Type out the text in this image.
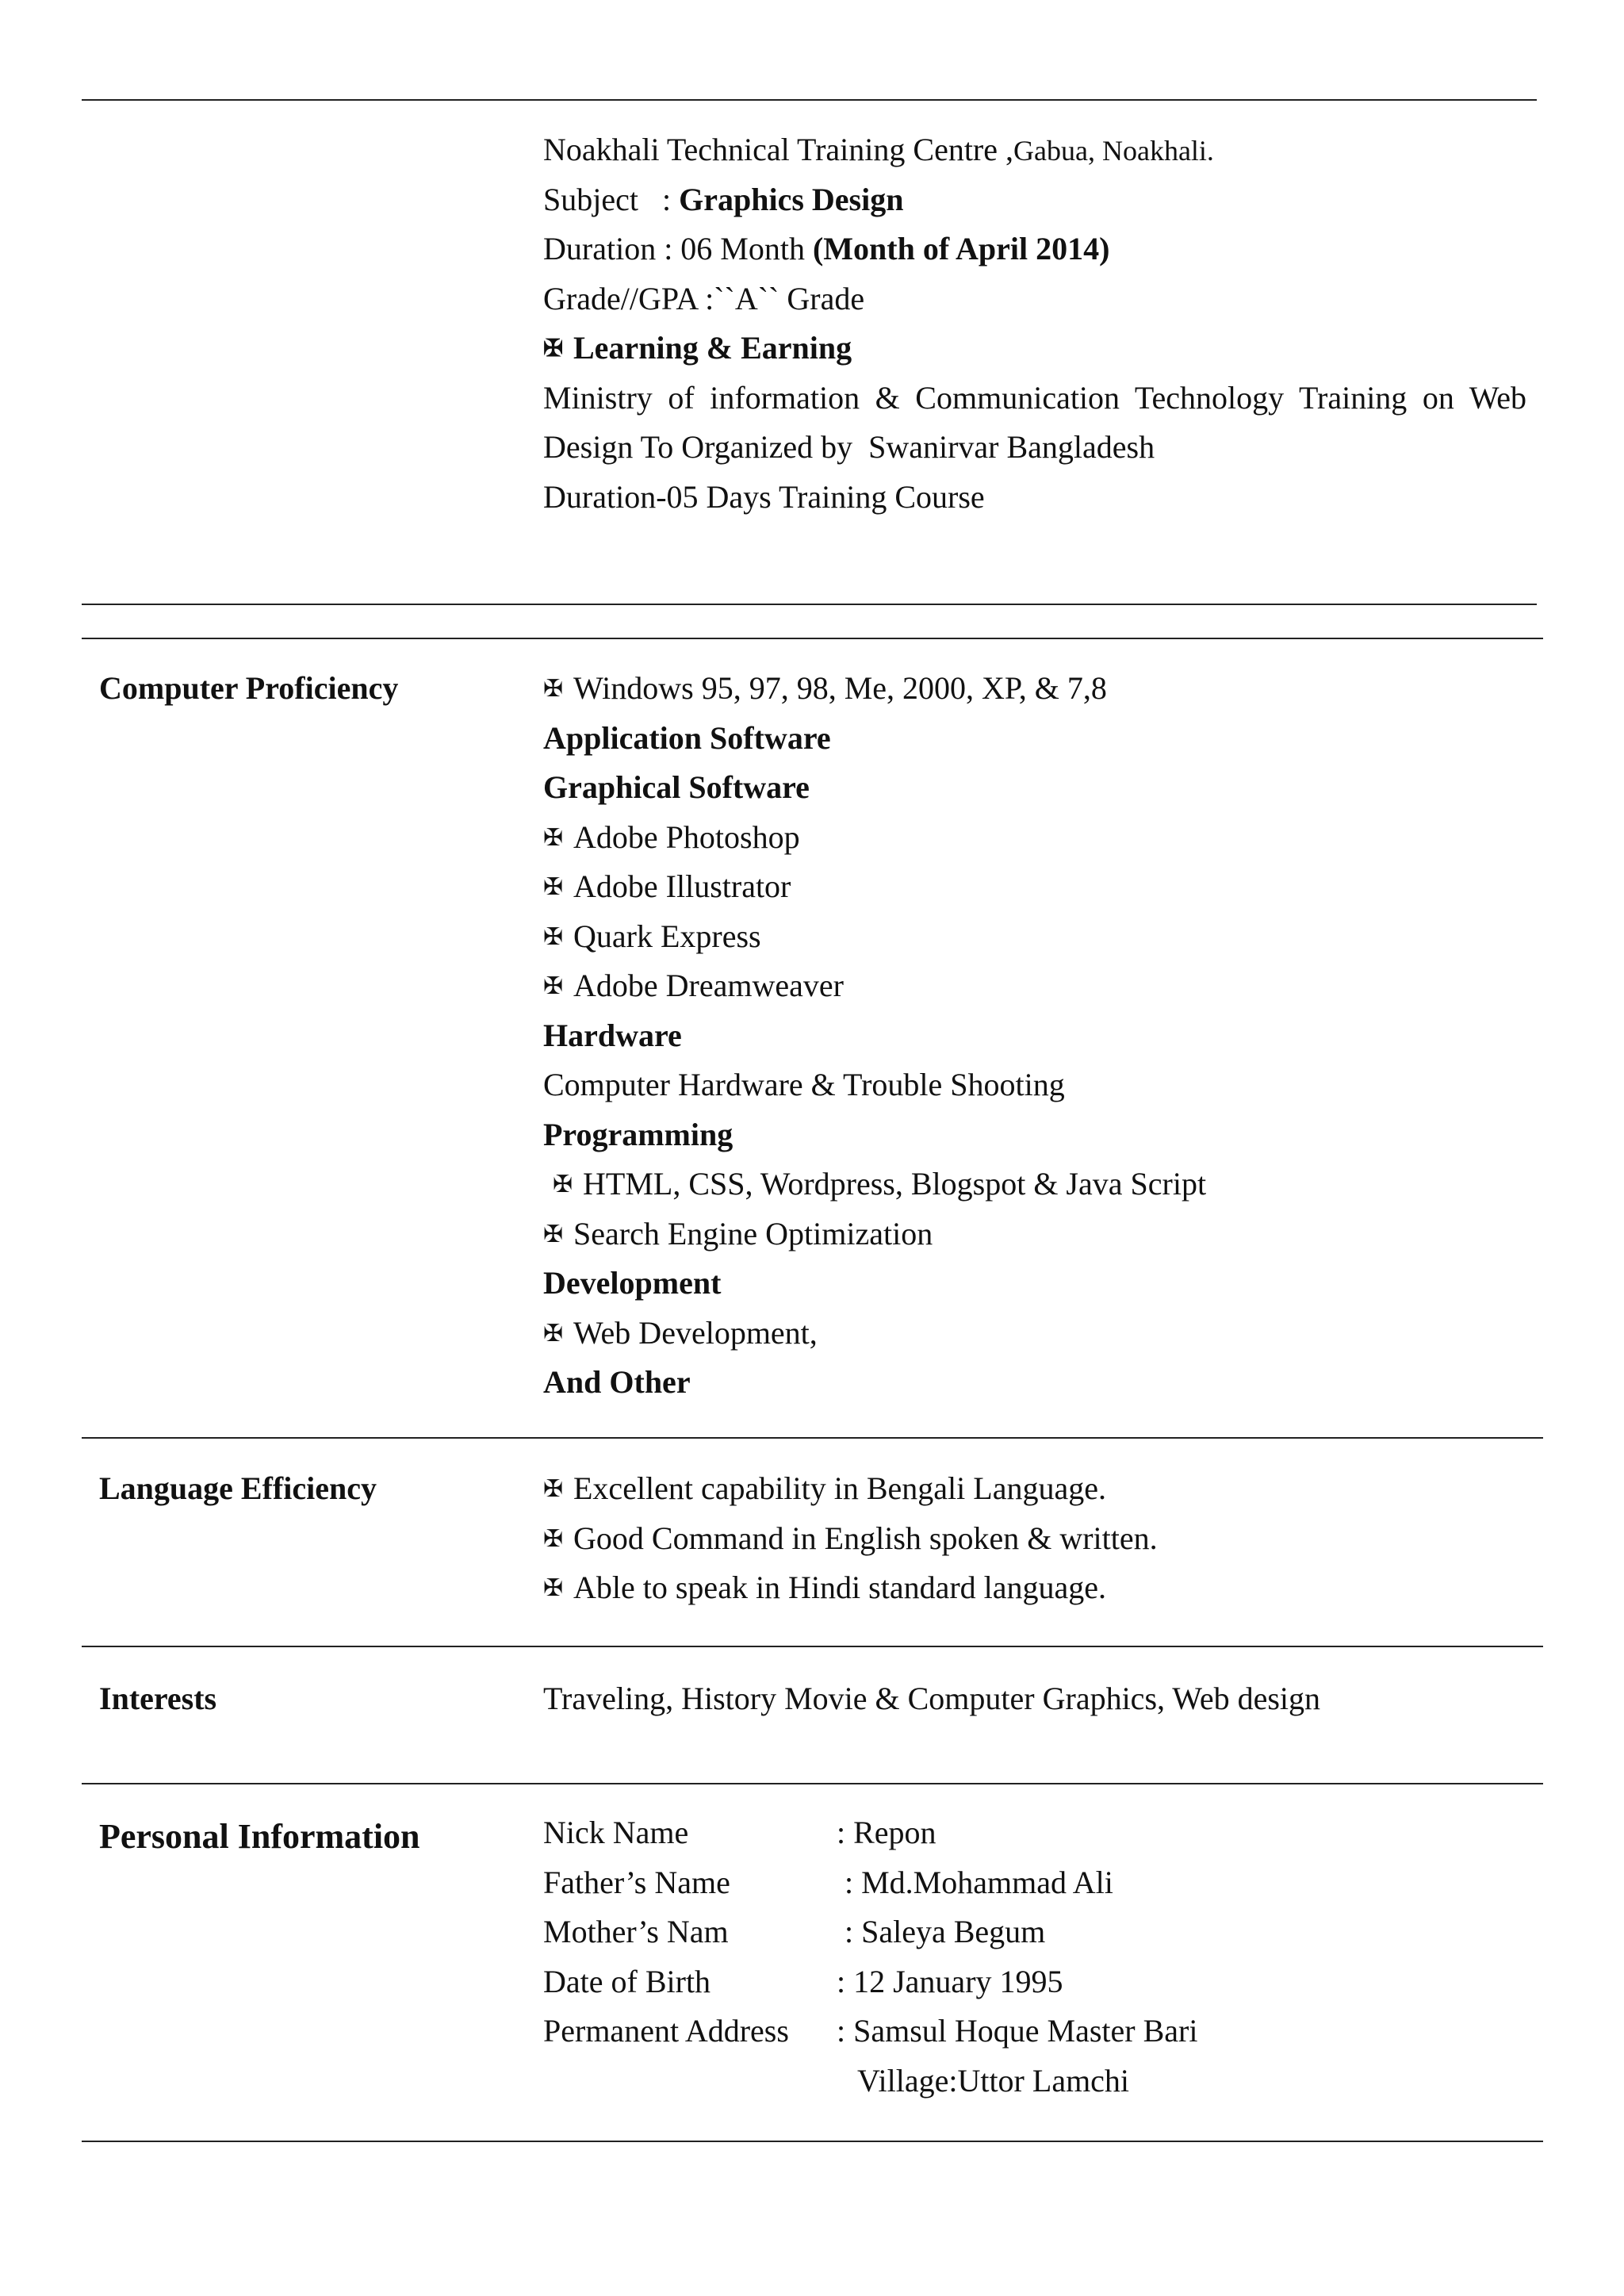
Noakhali Technical Training Centre ,Gabua, Noakhali.
Subject   : Graphics Design
Duration : 06 Month (Month of April 2014)
Grade//GPA :``A`` Grade
✠ Learning & Earning
Ministry of information & Communication Technology Training on Web
Design To Organized by  Swanirvar Bangladesh
Duration-05 Days Training Course
Computer Proficiency	✠ Windows 95, 97, 98, Me, 2000, XP, & 7,8
Application Software
Graphical Software
✠ Adobe Photoshop
✠ Adobe Illustrator
✠ Quark Express
✠ Adobe Dreamweaver
Hardware
Computer Hardware & Trouble Shooting
Programming
✠ HTML, CSS, Wordpress, Blogspot & Java Script
✠ Search Engine Optimization
Development
✠ Web Development,
And Other
Language Efficiency	✠ Excellent capability in Bengali Language.
✠ Good Command in English spoken & written.
✠ Able to speak in Hindi standard language.
Interests	Traveling, History Movie & Computer Graphics, Web design
Personal Information	Nick Name	: Repon
Father’s Name	: Md.Mohammad Ali
Mother’s Nam	: Saleya Begum
Date of Birth	: 12 January 1995
Permanent Address	: Samsul Hoque Master Bari
Village:Uttor Lamchi
